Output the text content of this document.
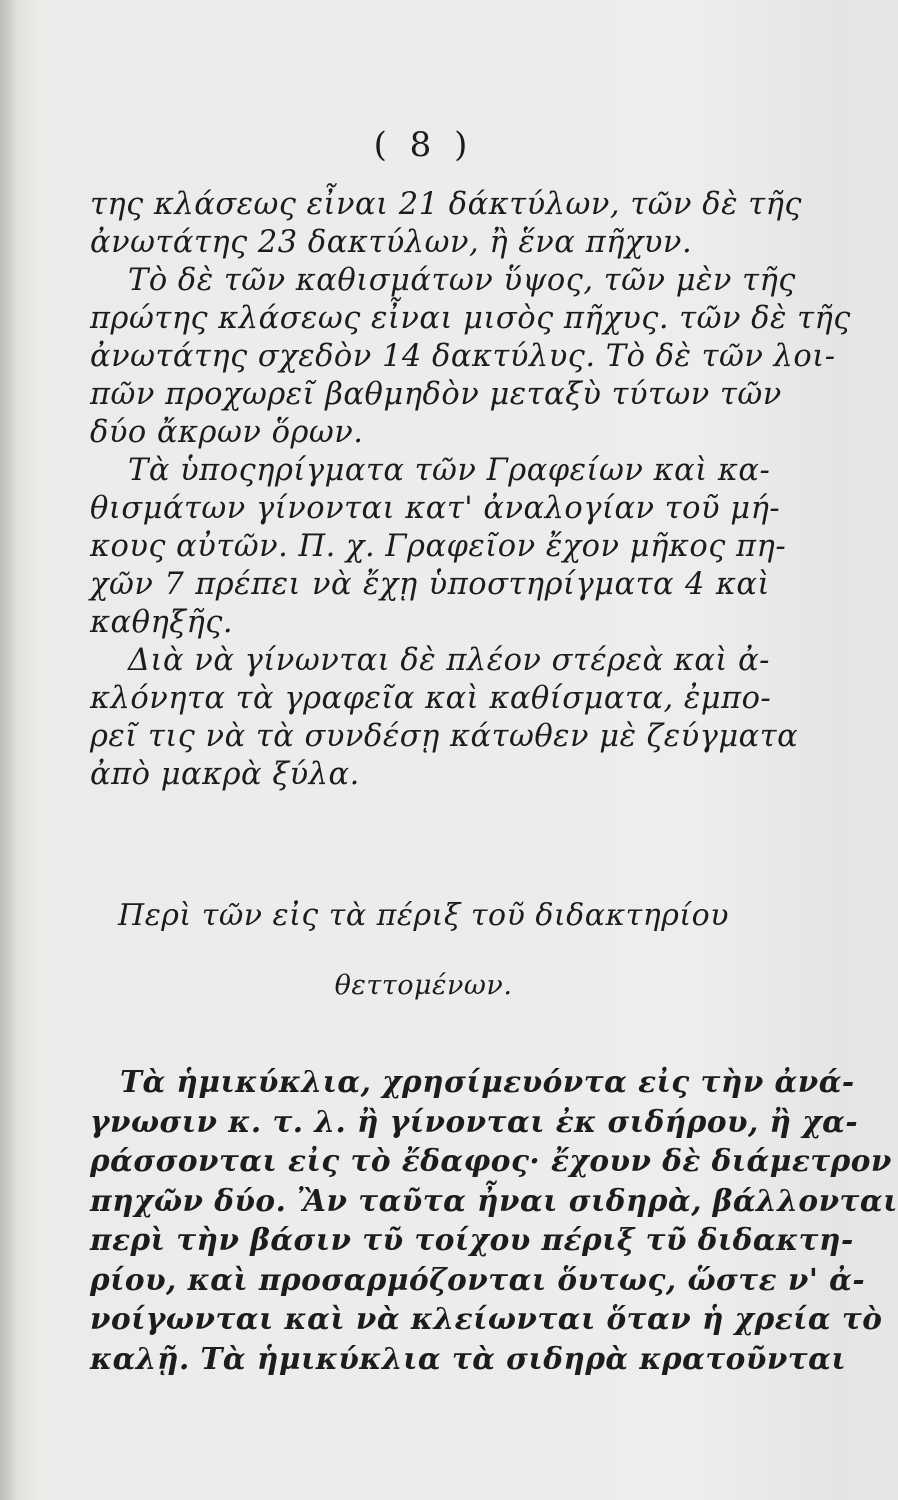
( 8 )
της κλάσεως εἶναι 21 δάκτύλων, τῶν δὲ τῆς
ἀνωτάτης 23 δακτύλων, ἢ ἕνα πῆχυν.
Τὸ δὲ τῶν καθισμάτων ὕψος, τῶν μὲν τῆς
πρώτης κλάσεως εἶναι μισὸς πῆχυς. τῶν δὲ τῆς
ἀνωτάτης σχεδὸν 14 δακτύλυς. Τὸ δὲ τῶν λοι-
πῶν προχωρεῖ βαθμηδὸν μεταξὺ τύτων τῶν
δύο ἄκρων ὅρων.
Τὰ ὑποςηρίγματα τῶν Γραφείων καὶ κα-
θισμάτων γίνονται κατ' ἀναλογίαν τοῦ μή-
κους αὐτῶν. Π. χ. Γραφεῖον ἔχον μῆκος πη-
χῶν 7 πρέπει νὰ ἔχῃ ὑποστηρίγματα 4 καὶ
καθηξῆς.
Διὰ νὰ γίνωνται δὲ πλέον στέρεὰ καὶ ἀ-
κλόνητα τὰ γραφεῖα καὶ καθίσματα, ἐμπο-
ρεῖ τις νὰ τὰ συνδέσῃ κάτωθεν μὲ ζεύγματα
ἀπὸ μακρὰ ξύλα.
Περὶ τῶν εἰς τὰ πέριξ τοῦ διδακτηρίου
θεττομένων.
Τὰ ἡμικύκλια, χρησίμευόντα εἰς τὴν ἀνά-
γνωσιν κ. τ. λ. ἢ γίνονται ἐκ σιδήρου, ἢ χα-
ράσσονται εἰς τὸ ἔδαφος· ἔχουν δὲ διάμετρον
πηχῶν δύο. Ἂν ταῦτα ἦναι σιδηρὰ, βάλλονται
περὶ τὴν βάσιν τῦ τοίχου πέριξ τῦ διδακτη-
ρίου, καὶ προσαρμόζονται ὅυτως, ὥστε ν' ἀ-
νοίγωνται καὶ νὰ κλείωνται ὅταν ἡ χρεία τὸ
καλῇ. Τὰ ἡμικύκλια τὰ σιδηρὰ κρατοῦνται
